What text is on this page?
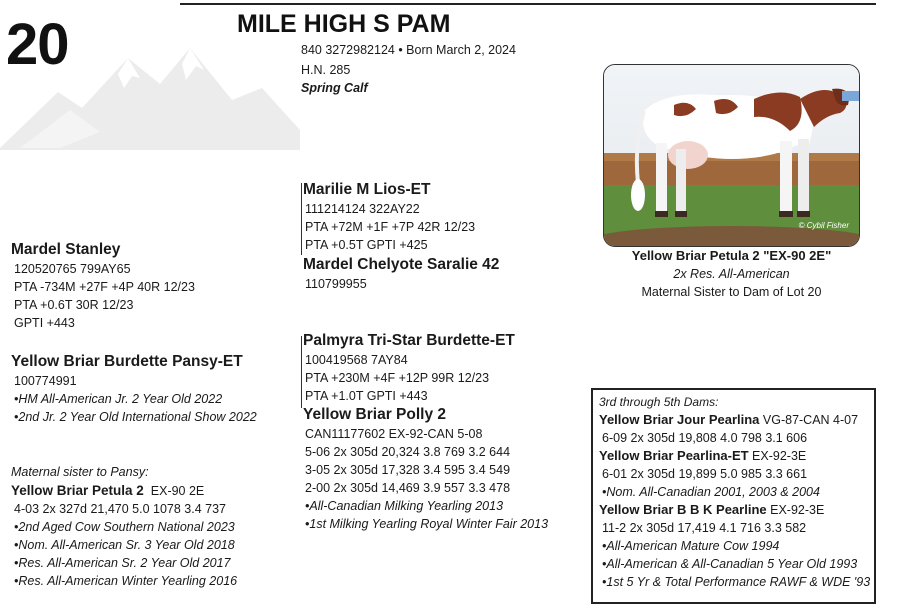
20	MILE HIGH S PAM
840 3272982124 • Born March 2, 2024
H.N. 285
Spring Calf
Marilie M Lios-ET
111214124 322AY22
PTA +72M +1F +7P 42R 12/23
PTA +0.5T GPTI +425
Mardel Chelyote Saralie 42
110799955
Mardel Stanley
120520765 799AY65
PTA -734M +27F +4P 40R 12/23
PTA +0.6T 30R 12/23
GPTI +443
Palmyra Tri-Star Burdette-ET
100419568 7AY84
PTA +230M +4F +12P 99R 12/23
PTA +1.0T GPTI +443
Yellow Briar Polly 2
CAN11177602 EX-92-CAN 5-08
5-06 2x 305d 20,324 3.8 769 3.2 644
3-05 2x 305d 17,328 3.4 595 3.4 549
2-00 2x 305d 14,469 3.9 557 3.3 478
•All-Canadian Milking Yearling 2013
•1st Milking Yearling Royal Winter Fair 2013
Yellow Briar Burdette Pansy-ET
100774991
•HM All-American Jr. 2 Year Old 2022
•2nd Jr. 2 Year Old International Show 2022
Maternal sister to Pansy:
Yellow Briar Petula 2 EX-90 2E
4-03 2x 327d 21,470 5.0 1078 3.4 737
•2nd Aged Cow Southern National 2023
•Nom. All-American Sr. 3 Year Old 2018
•Res. All-American Sr. 2 Year Old 2017
•Res. All-American Winter Yearling 2016
© Cybil Fisher
Yellow Briar Petula 2 "EX-90 2E"
2x Res. All-American
Maternal Sister to Dam of Lot 20
3rd through 5th Dams:
Yellow Briar Jour Pearlina VG-87-CAN 4-07
6-09 2x 305d 19,808 4.0 798 3.1 606
Yellow Briar Pearlina-ET EX-92-3E
6-01 2x 305d 19,899 5.0 985 3.3 661
•Nom. All-Canadian 2001, 2003 & 2004
Yellow Briar B B K Pearline EX-92-3E
11-2 2x 305d 17,419 4.1 716 3.3 582
•All-American Mature Cow 1994
•All-American & All-Canadian 5 Year Old 1993
•1st 5 Yr & Total Performance RAWF & WDE '93
